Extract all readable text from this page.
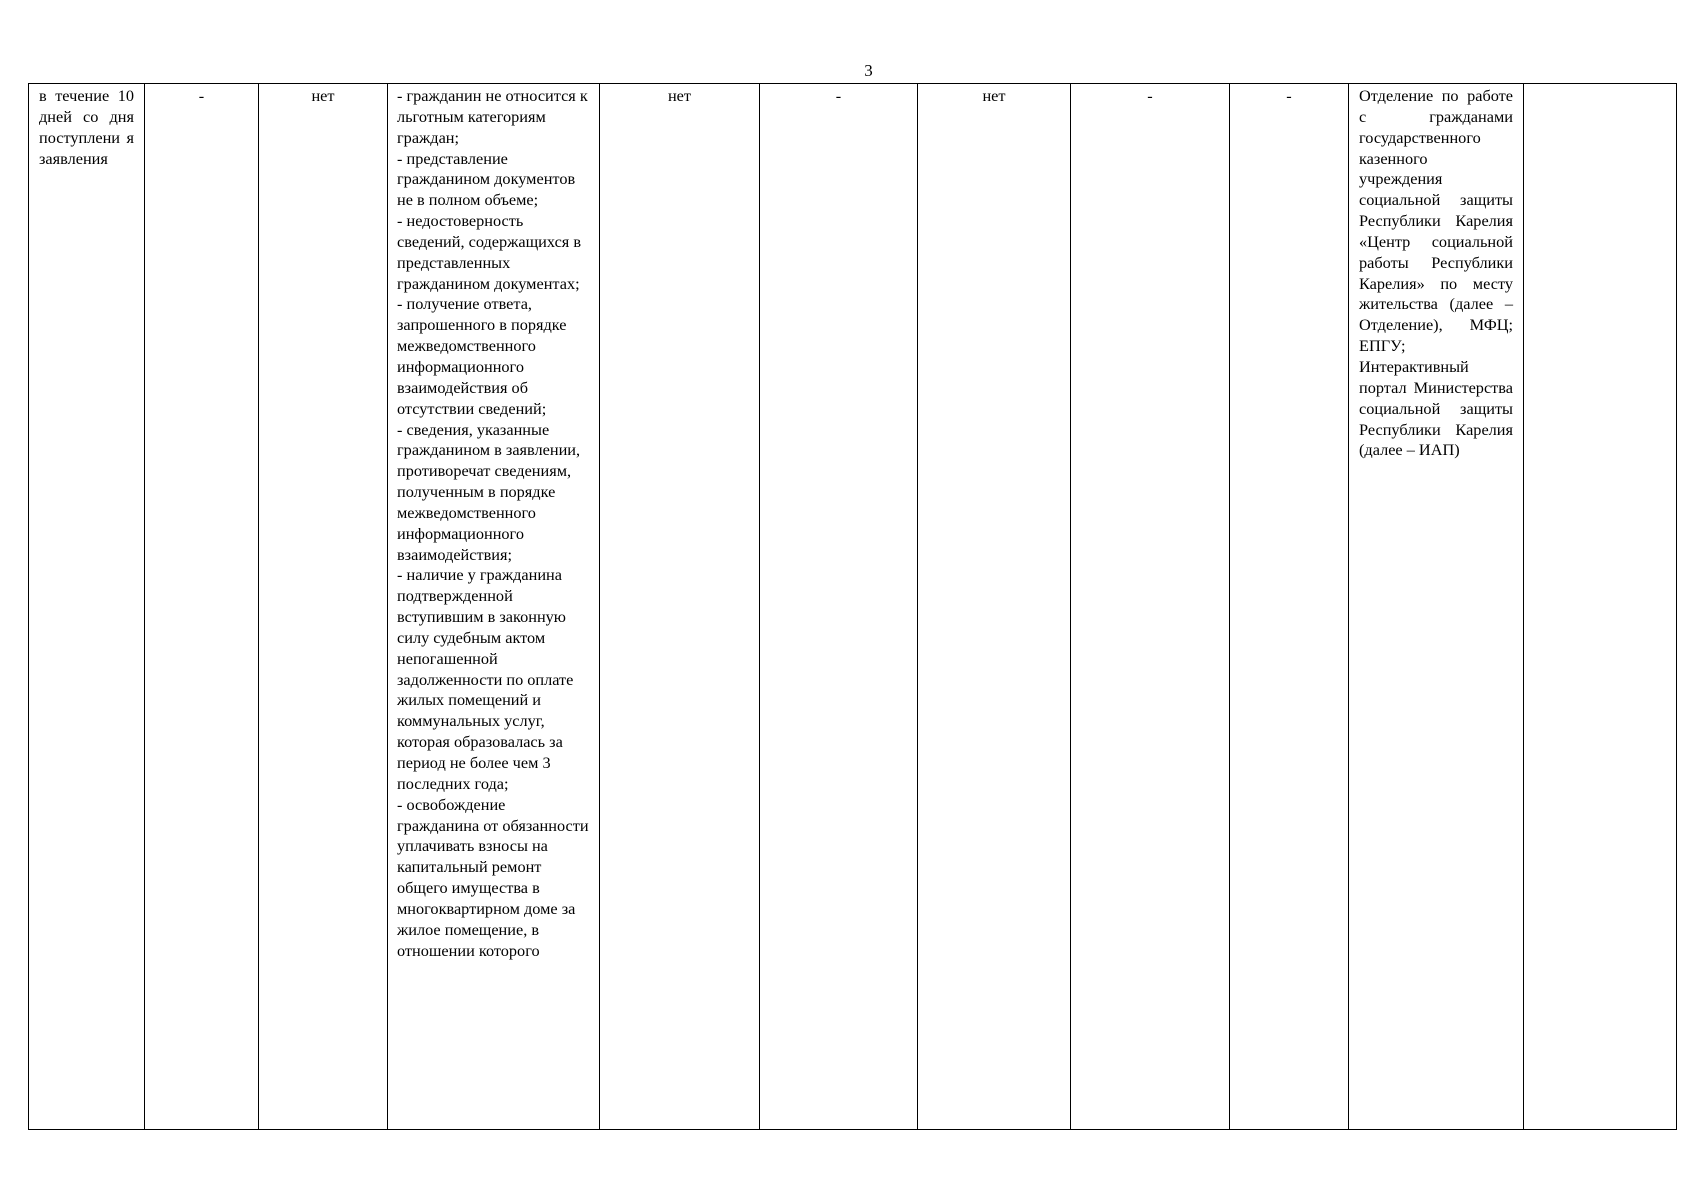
3
в течение 10 дней со дня поступлени я заявления	-	нет	- гражданин не относится к льготным категориям граждан;
- представление гражданином документов не в полном объеме;
- недостоверность сведений, содержащихся в представленных гражданином документах;
- получение ответа, запрошенного в порядке межведомственного информационного взаимодействия об отсутствии сведений;
- сведения, указанные гражданином в заявлении, противоречат сведениям, полученным в порядке межведомственного информационного взаимодействия;
- наличие у гражданина подтвержденной вступившим в законную силу судебным актом непогашенной задолженности по оплате жилых помещений и коммунальных услуг, которая образовалась за период не более чем 3 последних года;
- освобождение гражданина от обязанности уплачивать взносы на капитальный ремонт общего имущества в многоквартирном доме за жилое помещение, в отношении которого	нет	-	нет	-	-	Отделение по работе с гражданами государственного казенного учреждения социальной защиты Республики Карелия «Центр социальной работы Республики Карелия» по месту жительства (далее – Отделение), МФЦ; ЕПГУ; Интерактивный портал Министерства социальной защиты Республики Карелия (далее – ИАП)	
